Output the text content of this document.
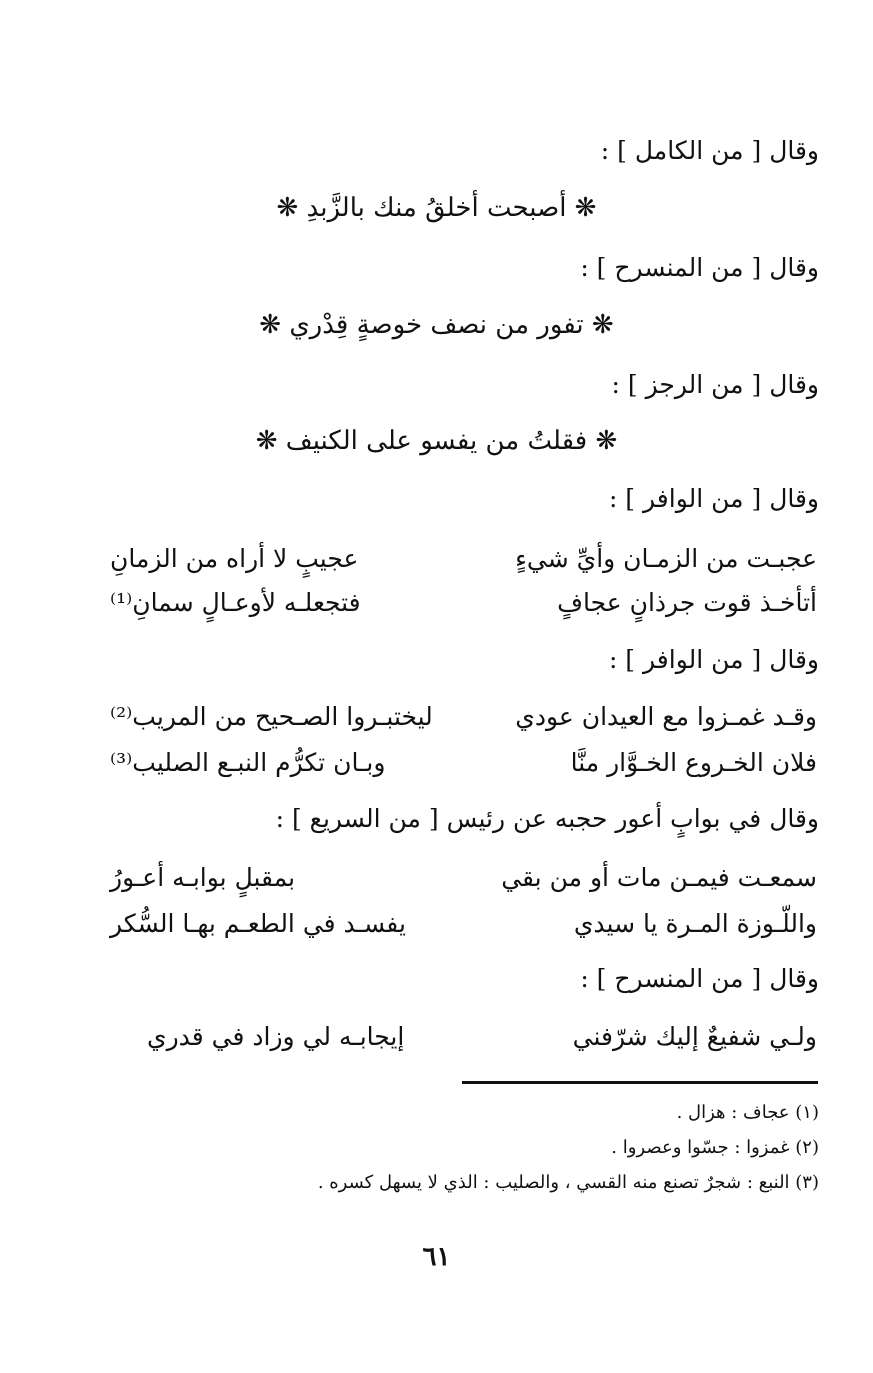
وقال [ من الكامل ] :
❋ أصبحت أخلقُ منك بالزَّبدِ ❋
وقال [ من المنسرح ] :
❋ تفور من نصف خوصةٍ قِدْري ❋
وقال [ من الرجز ] :
❋ فقلتُ من يفسو على الكنيف ❋
وقال [ من الوافر ] :
عجبـت من الزمـان وأيِّ شيءٍ
عجيبٍ لا أراه من الزمانِ
أتأخـذ قوت جرذانٍ عجافٍ
فتجعلـه لأوعـالٍ سمانِ⁽¹⁾
وقال [ من الوافر ] :
وقـد غمـزوا مع العيدان عودي
ليختبـروا الصـحيح من المريب⁽²⁾
فلان الخـروع الخـوَّار منَّا
وبـان تكرُّم النبـع الصليب⁽³⁾
وقال في بوابٍ أعور حجبه عن رئيس [ من السريع ] :
سمعـت فيمـن مات أو من بقي
بمقبلٍ بوابـه أعـورُ
واللّـوزة المـرة يا سيدي
يفسـد في الطعـم بهـا السُّكر
وقال [ من المنسرح ] :
ولـي شفيعٌ إليك شرّفني
إيجابـه لي وزاد في قدري
(١) عجاف : هزال .
(٢) غمزوا : جسّوا وعصروا .
(٣) النبع : شجرٌ تصنع منه القسي ، والصليب : الذي لا يسهل كسره .
٦١
